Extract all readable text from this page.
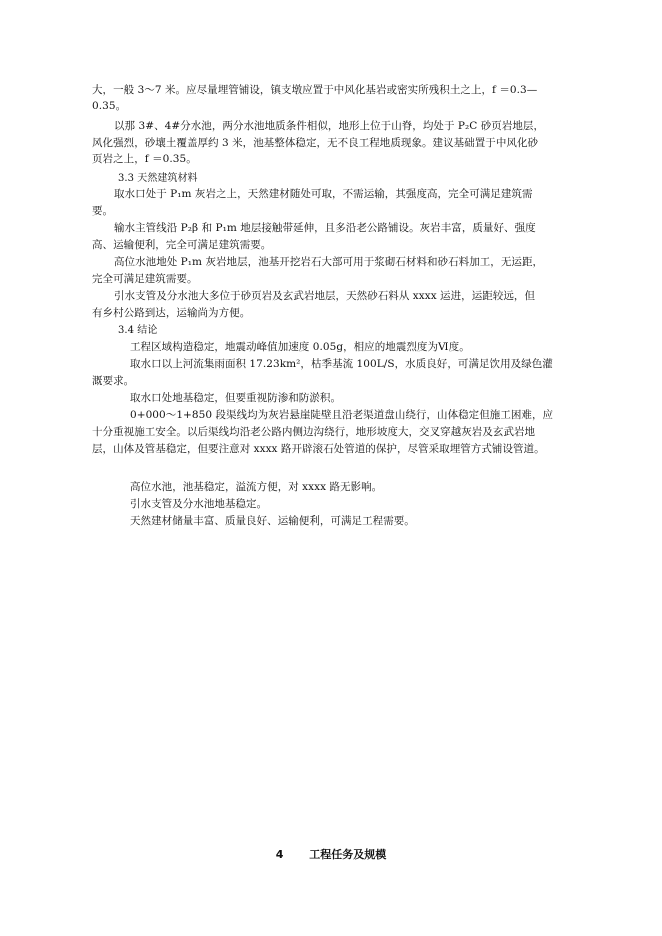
大，一般 3～7 米。应尽量埋管铺设，镇支墩应置于中风化基岩或密实所残积土之上，f ＝0.3—
0.35。
以那 3#、4#分水池，两分水池地质条件相似，地形上位于山脊，均处于 P₂C 砂页岩地层，
风化强烈，砂壤土覆盖厚约 3 米，池基整体稳定，无不良工程地质现象。建议基础置于中风化砂
页岩之上，f ＝0.35。
3.3 天然建筑材料
取水口处于 P₁m 灰岩之上，天然建材随处可取，不需运输，其强度高，完全可满足建筑需
要。
输水主管线沿 P₂β 和 P₁m 地层接触带延伸，且多沿老公路铺设。灰岩丰富，质量好、强度
高、运输便利，完全可满足建筑需要。
高位水池地处 P₁m 灰岩地层，池基开挖岩石大部可用于浆砌石材料和砂石料加工，无运距，
完全可满足建筑需要。
引水支管及分水池大多位于砂页岩及玄武岩地层，天然砂石料从 xxxx 运进，运距较远，但
有乡村公路到达，运输尚为方便。
3.4 结论
工程区域构造稳定，地震动峰值加速度 0.05g，相应的地震烈度为Ⅵ度。
取水口以上河流集雨面积 17.23km²，枯季基流 100L/S，水质良好，可满足饮用及绿色灌
溉要求。
取水口处地基稳定，但要重视防渗和防淤积。
0+000～1+850 段渠线均为灰岩悬崖陡壁且沿老渠道盘山绕行，山体稳定但施工困难，应
十分重视施工安全。以后渠线均沿老公路内侧边沟绕行，地形坡度大，交叉穿越灰岩及玄武岩地
层，山体及管基稳定，但要注意对 xxxx 路开辟滚石处管道的保护，尽管采取埋管方式铺设管道。
高位水池，池基稳定，溢流方便，对 xxxx 路无影响。
引水支管及分水池地基稳定。
天然建材储量丰富、质量良好、运输便利，可满足工程需要。
4 工程任务及规模
